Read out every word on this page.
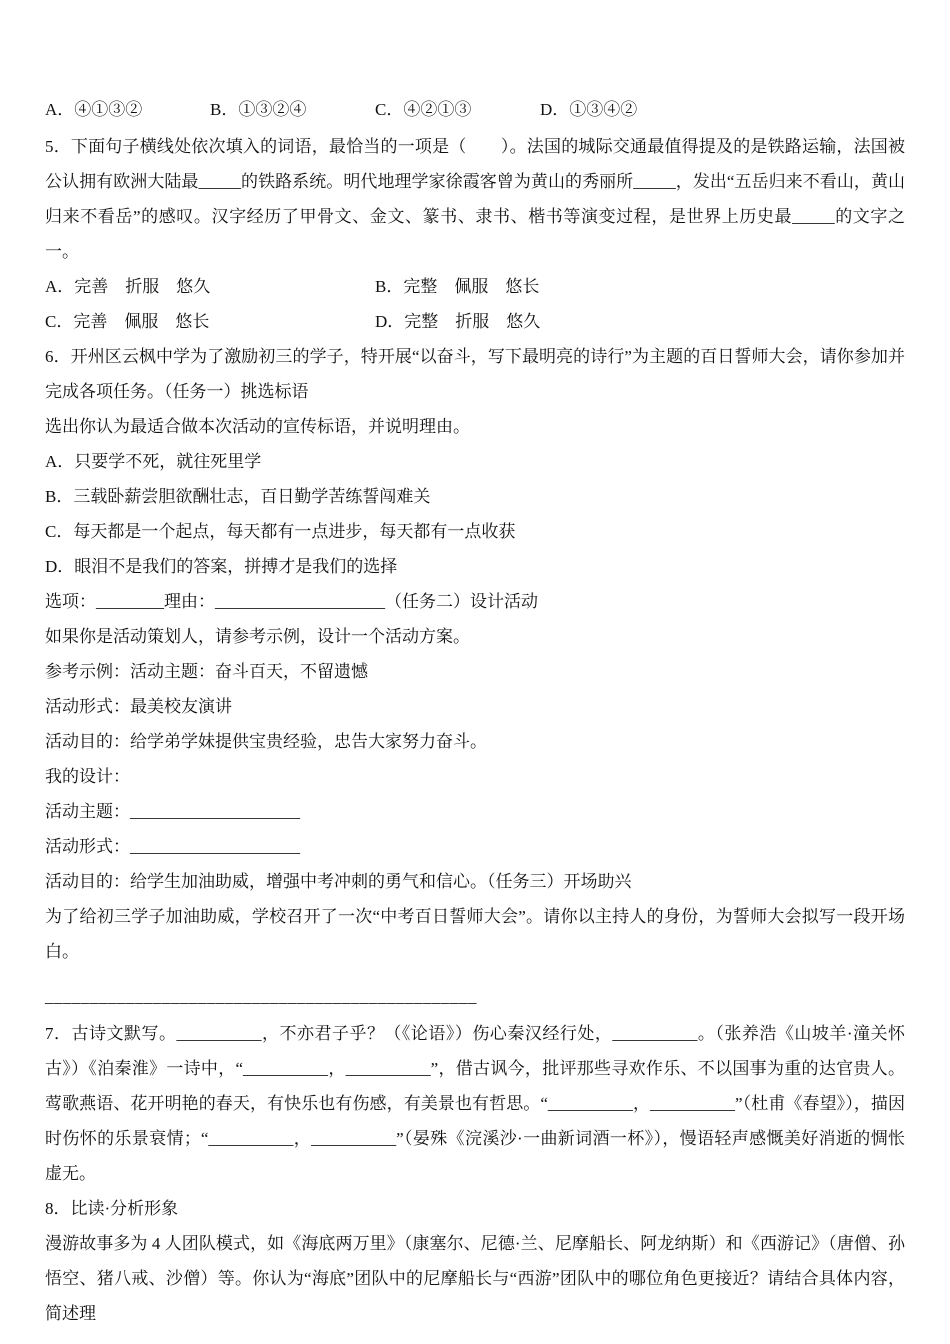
A．④①③②	B．①③②④	C．④②①③	D．①③④②
5．下面句子横线处依次填入的词语，最恰当的一项是（　　）。法国的城际交通最值得提及的是铁路运输，法国被公认拥有欧洲大陆最_____的铁路系统。明代地理学家徐霞客曾为黄山的秀丽所_____，发出“五岳归来不看山，黄山归来不看岳”的感叹。汉字经历了甲骨文、金文、篆书、隶书、楷书等演变过程，是世界上历史最_____的文字之一。
A．完善　折服　悠久	B．完整　佩服　悠长
C．完善　佩服　悠长	D．完整　折服　悠久
6．开州区云枫中学为了激励初三的学子，特开展“以奋斗，写下最明亮的诗行”为主题的百日誓师大会，请你参加并完成各项任务。（任务一）挑选标语
选出你认为最适合做本次活动的宣传标语，并说明理由。
A．只要学不死，就往死里学
B．三载卧薪尝胆欲酬壮志，百日勤学苦练誓闯难关
C．每天都是一个起点，每天都有一点进步，每天都有一点收获
D．眼泪不是我们的答案，拼搏才是我们的选择
选项：________理由：____________________（任务二）设计活动
如果你是活动策划人，请参考示例，设计一个活动方案。
参考示例：活动主题：奋斗百天，不留遗憾
活动形式：最美校友演讲
活动目的：给学弟学妹提供宝贵经验，忠告大家努力奋斗。
我的设计：
活动主题：____________________
活动形式：____________________
活动目的：给学生加油助威，增强中考冲刺的勇气和信心。（任务三）开场助兴
为了给初三学子加油助威，学校召开了一次“中考百日誓师大会”。请你以主持人的身份，为誓师大会拟写一段开场白。
________________________________________________
7．古诗文默写。__________，不亦君子乎？（《论语》）伤心秦汉经行处，__________。（张养浩《山坡羊·潼关怀古》）《泊秦淮》一诗中，“__________，__________”，借古讽今，批评那些寻欢作乐、不以国事为重的达官贵人。莺歌燕语、花开明艳的春天，有快乐也有伤感，有美景也有哲思。“__________，__________”（杜甫《春望》），描因时伤怀的乐景衰情；“__________，__________”（晏殊《浣溪沙·一曲新词酒一杯》），慢语轻声感慨美好消逝的惆怅虚无。
8．比读·分析形象
漫游故事多为 4 人团队模式，如《海底两万里》（康塞尔、尼德·兰、尼摩船长、阿龙纳斯）和《西游记》（唐僧、孙悟空、猪八戒、沙僧）等。你认为“海底”团队中的尼摩船长与“西游”团队中的哪位角色更接近？请结合具体内容，简述理
